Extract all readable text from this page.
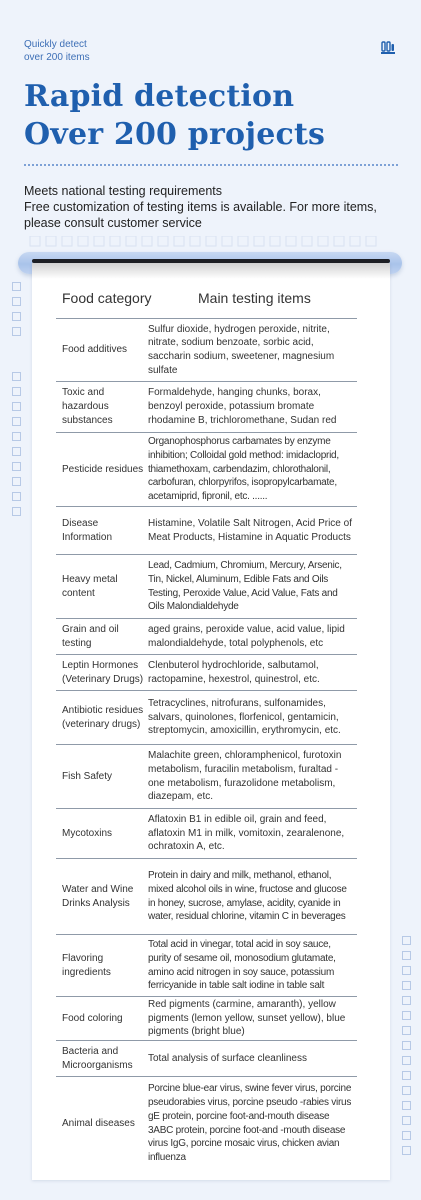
Quickly detect
over 200 items
Rapid detection
Over 200 projects
Meets national testing requirements
Free customization of testing items is available. For more items,
please consult customer service
Food category	Main testing items
Food additives
Sulfur dioxide, hydrogen peroxide, nitrite, nitrate, sodium benzoate, sorbic acid, saccharin sodium, sweetener, magnesium sulfate
Toxic and hazardous substances
Formaldehyde, hanging chunks, borax, benzoyl peroxide, potassium bromate rhodamine B, trichloromethane, Sudan red
Pesticide residues
Organophosphorus carbamates by enzyme inhibition; Colloidal gold method: imidacloprid, thiamethoxam, carbendazim, chlorothalonil, carbofuran, chlorpyrifos, isopropylcarbamate, acetamiprid, fipronil, etc. ......
Disease Information
Histamine, Volatile Salt Nitrogen, Acid Price of Meat Products, Histamine in Aquatic Products
Heavy metal content
Lead, Cadmium, Chromium, Mercury, Arsenic, Tin, Nickel, Aluminum, Edible Fats and Oils Testing, Peroxide Value, Acid Value, Fats and Oils Malondialdehyde
Grain and oil testing
aged grains, peroxide value, acid value, lipid malondialdehyde, total polyphenols, etc
Leptin Hormones (Veterinary Drugs)
Clenbuterol hydrochloride, salbutamol, ractopamine, hexestrol, quinestrol, etc.
Antibiotic residues (veterinary drugs)
Tetracyclines, nitrofurans, sulfonamides, salvars, quinolones, florfenicol, gentamicin, streptomycin, amoxicillin, erythromycin, etc.
Fish Safety
Malachite green, chloramphenicol, furotoxin metabolism, furacilin metabolism, furaltad -one metabolism, furazolidone metabolism, diazepam, etc.
Mycotoxins
Aflatoxin B1 in edible oil, grain and feed, aflatoxin M1 in milk, vomitoxin, zearalenone, ochratoxin A, etc.
Water and Wine Drinks Analysis
Protein in dairy and milk, methanol, ethanol, mixed alcohol oils in wine, fructose and glucose in honey, sucrose, amylase, acidity, cyanide in water, residual chlorine, vitamin C in beverages
Flavoring ingredients
Total acid in vinegar, total acid in soy sauce, purity of sesame oil, monosodium glutamate, amino acid nitrogen in soy sauce, potassium ferricyanide in table salt iodine in table salt
Food coloring
Red pigments (carmine, amaranth), yellow pigments (lemon yellow, sunset yellow), blue pigments (bright blue)
Bacteria and Microorganisms
Total analysis of surface cleanliness
Animal diseases
Porcine blue-ear virus, swine fever virus, porcine pseudorabies virus, porcine pseudo -rabies virus gE protein, porcine foot-and-mouth disease 3ABC protein, porcine foot-and -mouth disease virus IgG, porcine mosaic virus, chicken avian influenza
